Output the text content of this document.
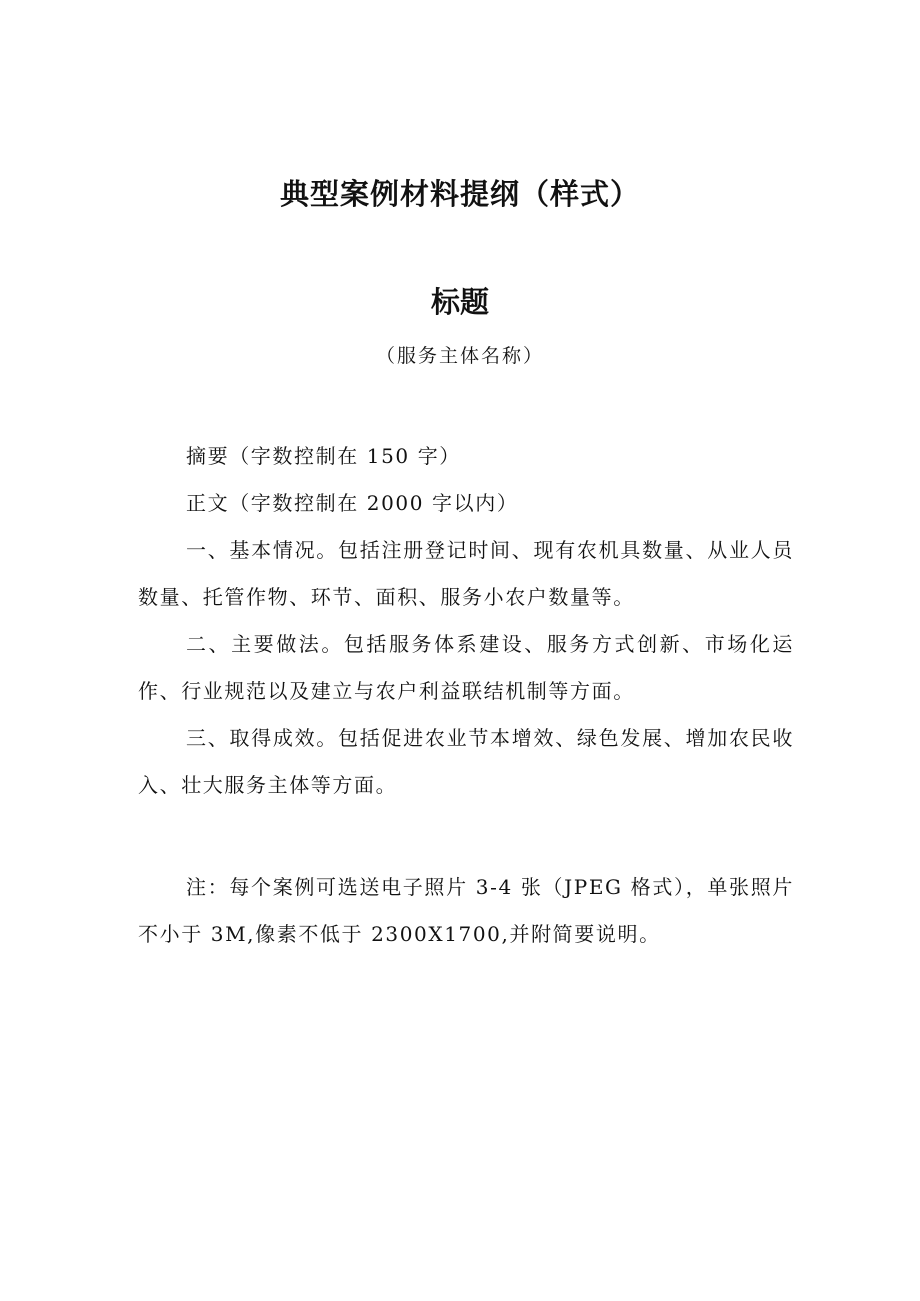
典型案例材料提纲（样式）
标题
（服务主体名称）

摘要（字数控制在 150 字）

正文（字数控制在 2000 字以内）

一、基本情况。包括注册登记时间、现有农机具数量、从业人员数量、托管作物、环节、面积、服务小农户数量等。

二、主要做法。包括服务体系建设、服务方式创新、市场化运作、行业规范以及建立与农户利益联结机制等方面。

三、取得成效。包括促进农业节本增效、绿色发展、增加农民收入、壮大服务主体等方面。

注：每个案例可选送电子照片 3-4 张（JPEG 格式），单张照片不小于 3M,像素不低于 2300X1700,并附简要说明。
